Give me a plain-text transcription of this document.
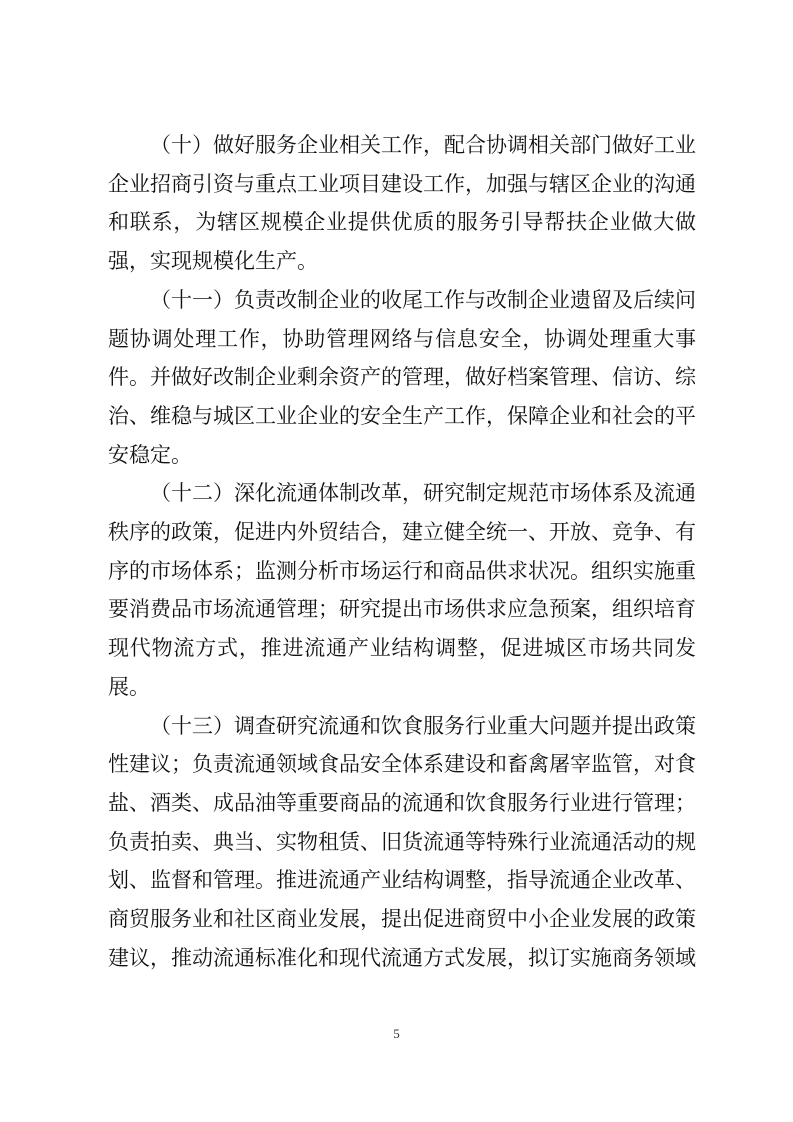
（十）做好服务企业相关工作，配合协调相关部门做好工业企业招商引资与重点工业项目建设工作，加强与辖区企业的沟通和联系，为辖区规模企业提供优质的服务引导帮扶企业做大做强，实现规模化生产。

（十一）负责改制企业的收尾工作与改制企业遗留及后续问题协调处理工作，协助管理网络与信息安全，协调处理重大事件。并做好改制企业剩余资产的管理，做好档案管理、信访、综治、维稳与城区工业企业的安全生产工作，保障企业和社会的平安稳定。

（十二）深化流通体制改革，研究制定规范市场体系及流通秩序的政策，促进内外贸结合，建立健全统一、开放、竞争、有序的市场体系；监测分析市场运行和商品供求状况。组织实施重要消费品市场流通管理；研究提出市场供求应急预案，组织培育现代物流方式，推进流通产业结构调整，促进城区市场共同发展。

（十三）调查研究流通和饮食服务行业重大问题并提出政策性建议；负责流通领域食品安全体系建设和畜禽屠宰监管，对食盐、酒类、成品油等重要商品的流通和饮食服务行业进行管理；负责拍卖、典当、实物租赁、旧货流通等特殊行业流通活动的规划、监督和管理。推进流通产业结构调整，指导流通企业改革、商贸服务业和社区商业发展，提出促进商贸中小企业发展的政策建议，推动流通标准化和现代流通方式发展，拟订实施商务领域

5
